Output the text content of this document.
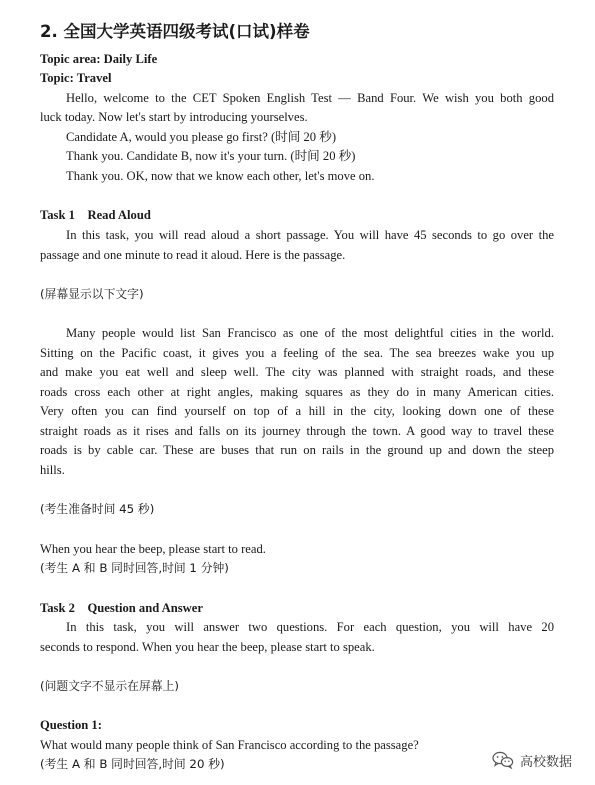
2. 全国大学英语四级考试(口试)样卷
Topic area: Daily Life
Topic: Travel
Hello, welcome to the CET Spoken English Test — Band Four. We wish you both good
luck today. Now let's start by introducing yourselves.
Candidate A, would you please go first? (时间 20 秒)
Thank you. Candidate B, now it's your turn. (时间 20 秒)
Thank you. OK, now that we know each other, let's move on.
Task 1    Read Aloud
In this task, you will read aloud a short passage. You will have 45 seconds to go over the
passage and one minute to read it aloud. Here is the passage.
(屏幕显示以下文字)
Many people would list San Francisco as one of the most delightful cities in the world.
Sitting on the Pacific coast, it gives you a feeling of the sea. The sea breezes wake you up
and make you eat well and sleep well. The city was planned with straight roads, and these
roads cross each other at right angles, making squares as they do in many American cities.
Very often you can find yourself on top of a hill in the city, looking down one of these
straight roads as it rises and falls on its journey through the town. A good way to travel these
roads is by cable car. These are buses that run on rails in the ground up and down the steep
hills.
(考生准备时间 45 秒)
When you hear the beep, please start to read.
(考生 A 和 B 同时回答,时间 1 分钟)
Task 2    Question and Answer
In this task, you will answer two questions. For each question, you will have 20
seconds to respond. When you hear the beep, please start to speak.
(问题文字不显示在屏幕上)
Question 1:
What would many people think of San Francisco according to the passage?
(考生 A 和 B 同时回答,时间 20 秒)	高校数据
